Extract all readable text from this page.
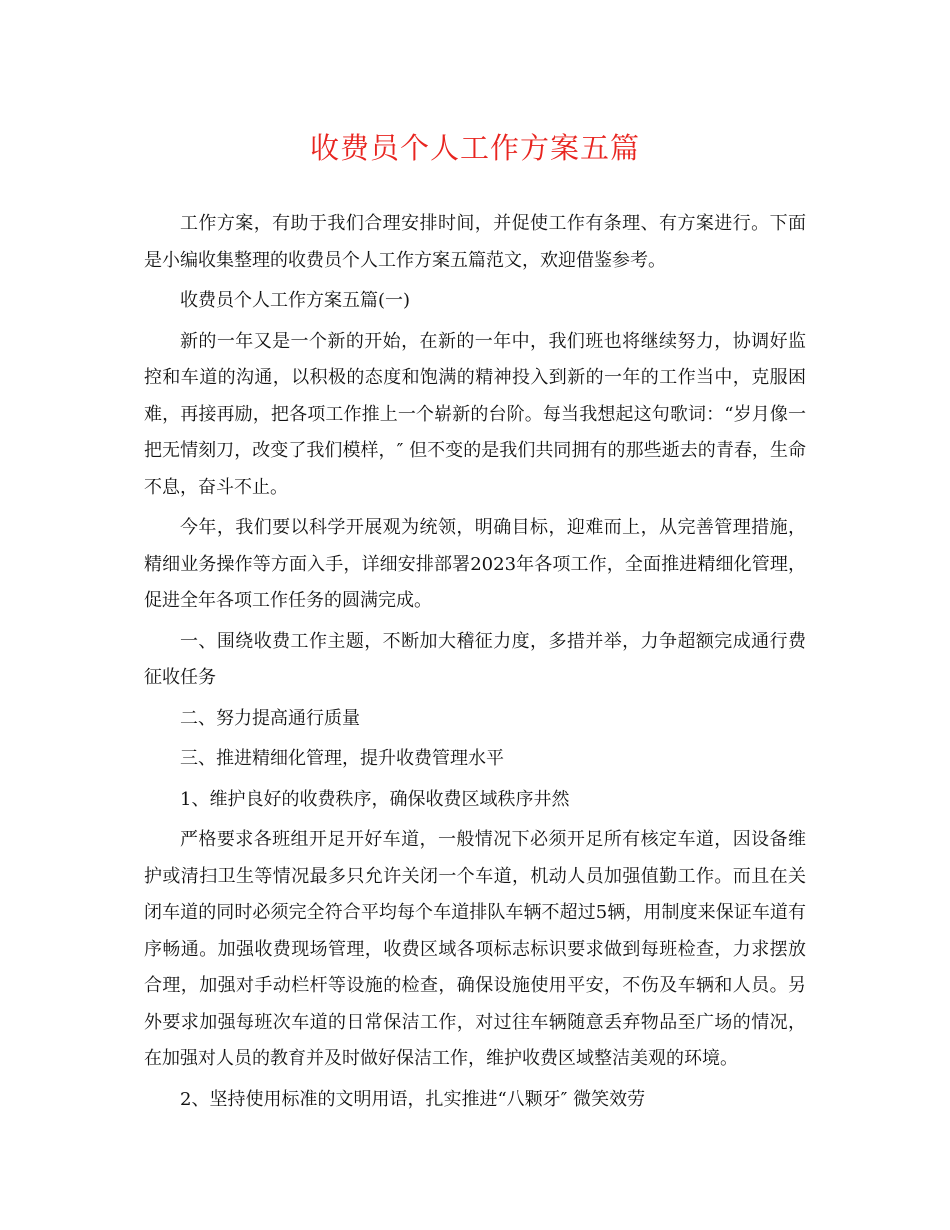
收费员个人工作方案五篇

工作方案，有助于我们合理安排时间，并促使工作有条理、有方案进行。下面是小编收集整理的收费员个人工作方案五篇范文，欢迎借鉴参考。

收费员个人工作方案五篇(一)

新的一年又是一个新的开始，在新的一年中，我们班也将继续努力，协调好监控和车道的沟通，以积极的态度和饱满的精神投入到新的一年的工作当中，克服困难，再接再励，把各项工作推上一个崭新的台阶。每当我想起这句歌词：“岁月像一把无情刻刀，改变了我们模样，″ 但不变的是我们共同拥有的那些逝去的青春，生命不息，奋斗不止。

今年，我们要以科学开展观为统领，明确目标，迎难而上，从完善管理措施，精细业务操作等方面入手，详细安排部署2023年各项工作，全面推进精细化管理，促进全年各项工作任务的圆满完成。

一、围绕收费工作主题，不断加大稽征力度，多措并举，力争超额完成通行费征收任务

二、努力提高通行质量

三、推进精细化管理，提升收费管理水平

1、维护良好的收费秩序，确保收费区域秩序井然

严格要求各班组开足开好车道，一般情况下必须开足所有核定车道，因设备维护或清扫卫生等情况最多只允许关闭一个车道，机动人员加强值勤工作。而且在关闭车道的同时必须完全符合平均每个车道排队车辆不超过5辆，用制度来保证车道有序畅通。加强收费现场管理，收费区域各项标志标识要求做到每班检查，力求摆放合理，加强对手动栏杆等设施的检查，确保设施使用平安，不伤及车辆和人员。另外要求加强每班次车道的日常保洁工作，对过往车辆随意丢弃物品至广场的情况，在加强对人员的教育并及时做好保洁工作，维护收费区域整洁美观的环境。

2、坚持使用标准的文明用语，扎实推进“八颗牙″ 微笑效劳
